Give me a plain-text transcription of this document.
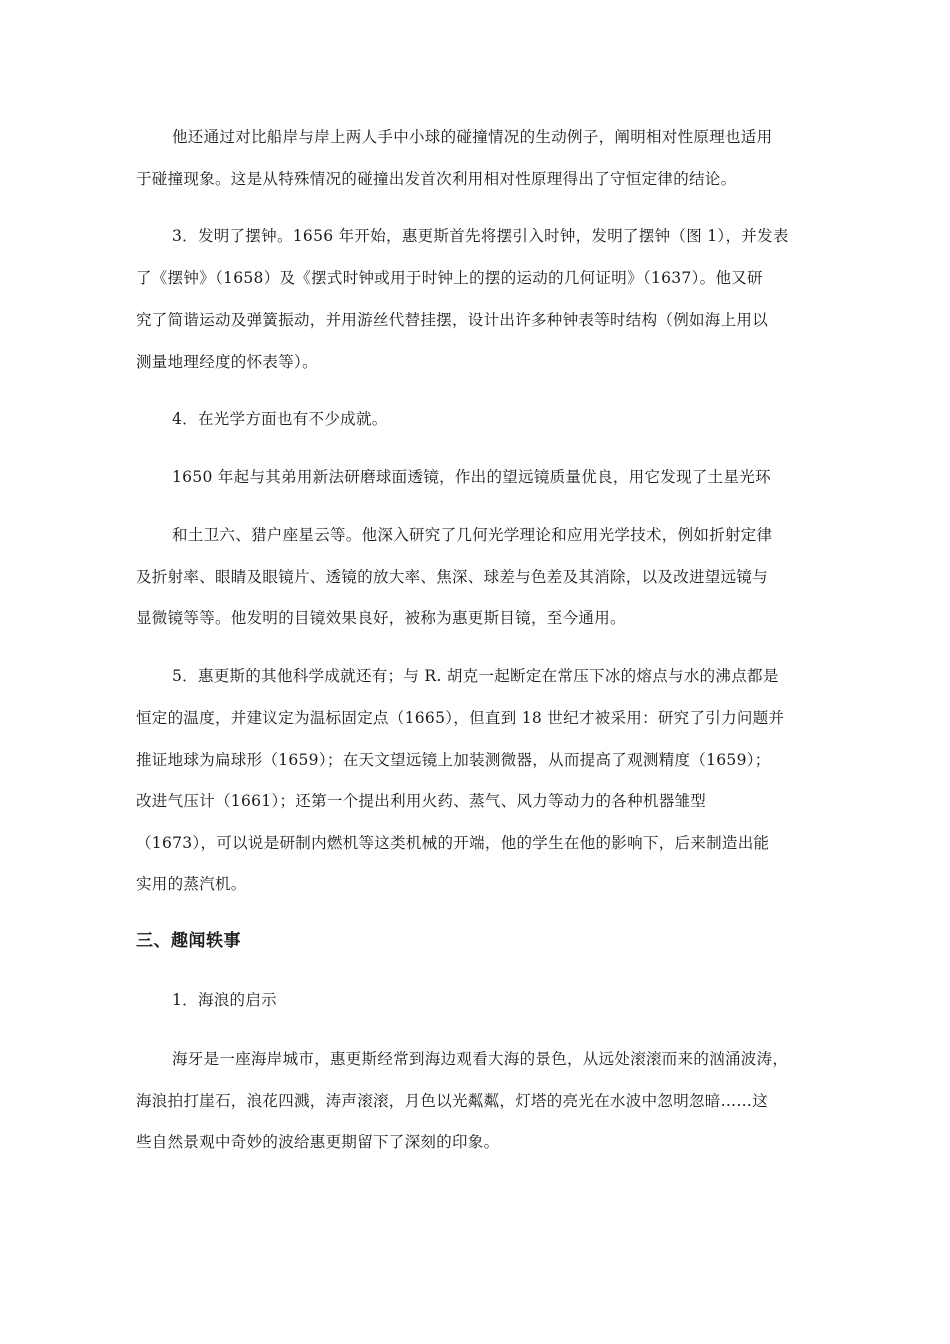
他还通过对比船岸与岸上两人手中小球的碰撞情况的生动例子，阐明相对性原理也适用
于碰撞现象。这是从特殊情况的碰撞出发首次利用相对性原理得出了守恒定律的结论。
3．发明了摆钟。1656 年开始，惠更斯首先将摆引入时钟，发明了摆钟（图 1），并发表
了《摆钟》（1658）及《摆式时钟或用于时钟上的摆的运动的几何证明》（1637）。他又研
究了简谐运动及弹簧振动，并用游丝代替挂摆，设计出许多种钟表等时结构（例如海上用以
测量地理经度的怀表等）。
4．在光学方面也有不少成就。
1650 年起与其弟用新法研磨球面透镜，作出的望远镜质量优良，用它发现了土星光环
和土卫六、猎户座星云等。他深入研究了几何光学理论和应用光学技术，例如折射定律
及折射率、眼睛及眼镜片、透镜的放大率、焦深、球差与色差及其消除，以及改进望远镜与
显微镜等等。他发明的目镜效果良好，被称为惠更斯目镜，至今通用。
5．惠更斯的其他科学成就还有；与 R. 胡克一起断定在常压下冰的熔点与水的沸点都是
恒定的温度，并建议定为温标固定点（1665），但直到 18 世纪才被采用：研究了引力问题并
推证地球为扁球形（1659）；在天文望远镜上加装测微器，从而提高了观测精度（1659）；
改进气压计（1661）；还第一个提出利用火药、蒸气、风力等动力的各种机器雏型
（1673），可以说是研制内燃机等这类机械的开端，他的学生在他的影响下，后来制造出能
实用的蒸汽机。
三、趣闻轶事
1．海浪的启示
海牙是一座海岸城市，惠更斯经常到海边观看大海的景色，从远处滚滚而来的汹涌波涛，
海浪拍打崖石，浪花四溅，涛声滚滚，月色以光粼粼，灯塔的亮光在水波中忽明忽暗……这
些自然景观中奇妙的波给惠更期留下了深刻的印象。
